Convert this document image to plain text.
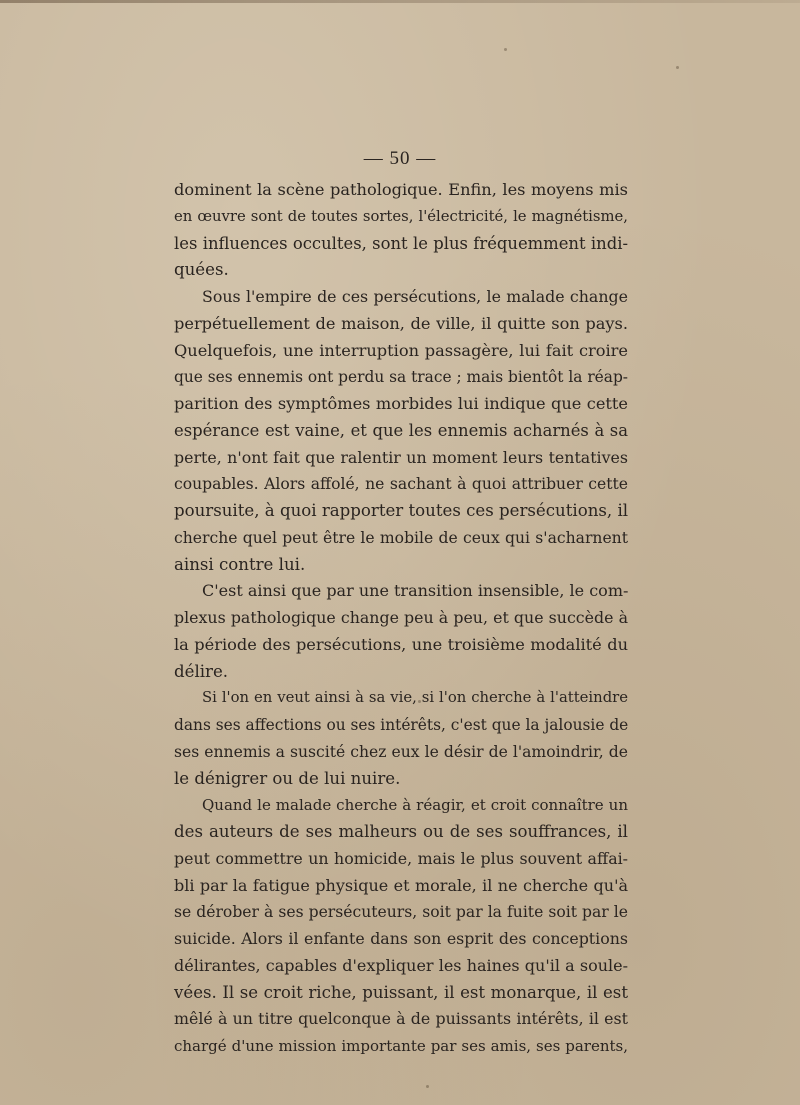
— 50 —
dominent la scène pathologique. Enfin, les moyens mis
en œuvre sont de toutes sortes, l'électricité, le magnétisme,
les influences occultes, sont le plus fréquemment indi-
quées.
Sous l'empire de ces persécutions, le malade change
perpétuellement de maison, de ville, il quitte son pays.
Quelquefois, une interruption passagère, lui fait croire
que ses ennemis ont perdu sa trace ; mais bientôt la réap-
parition des symptômes morbides lui indique que cette
espérance est vaine, et que les ennemis acharnés à sa
perte, n'ont fait que ralentir un moment leurs tentatives
coupables. Alors affolé, ne sachant à quoi attribuer cette
poursuite, à quoi rapporter toutes ces persécutions, il
cherche quel peut être le mobile de ceux qui s'acharnent
ainsi contre lui.
C'est ainsi que par une transition insensible, le com-
plexus pathologique change peu à peu, et que succède à
la période des persécutions, une troisième modalité du
délire.
Si l'on en veut ainsi à sa vie, si l'on cherche à l'atteindre
dans ses affections ou ses intérêts, c'est que la jalousie de
ses ennemis a suscité chez eux le désir de l'amoindrir, de
le dénigrer ou de lui nuire.
Quand le malade cherche à réagir, et croit connaître un
des auteurs de ses malheurs ou de ses souffrances, il
peut commettre un homicide, mais le plus souvent affai-
bli par la fatigue physique et morale, il ne cherche qu'à
se dérober à ses persécuteurs, soit par la fuite soit par le
suicide. Alors il enfante dans son esprit des conceptions
délirantes, capables d'expliquer les haines qu'il a soule-
vées. Il se croit riche, puissant, il est monarque, il est
mêlé à un titre quelconque à de puissants intérêts, il est
chargé d'une mission importante par ses amis, ses parents,
